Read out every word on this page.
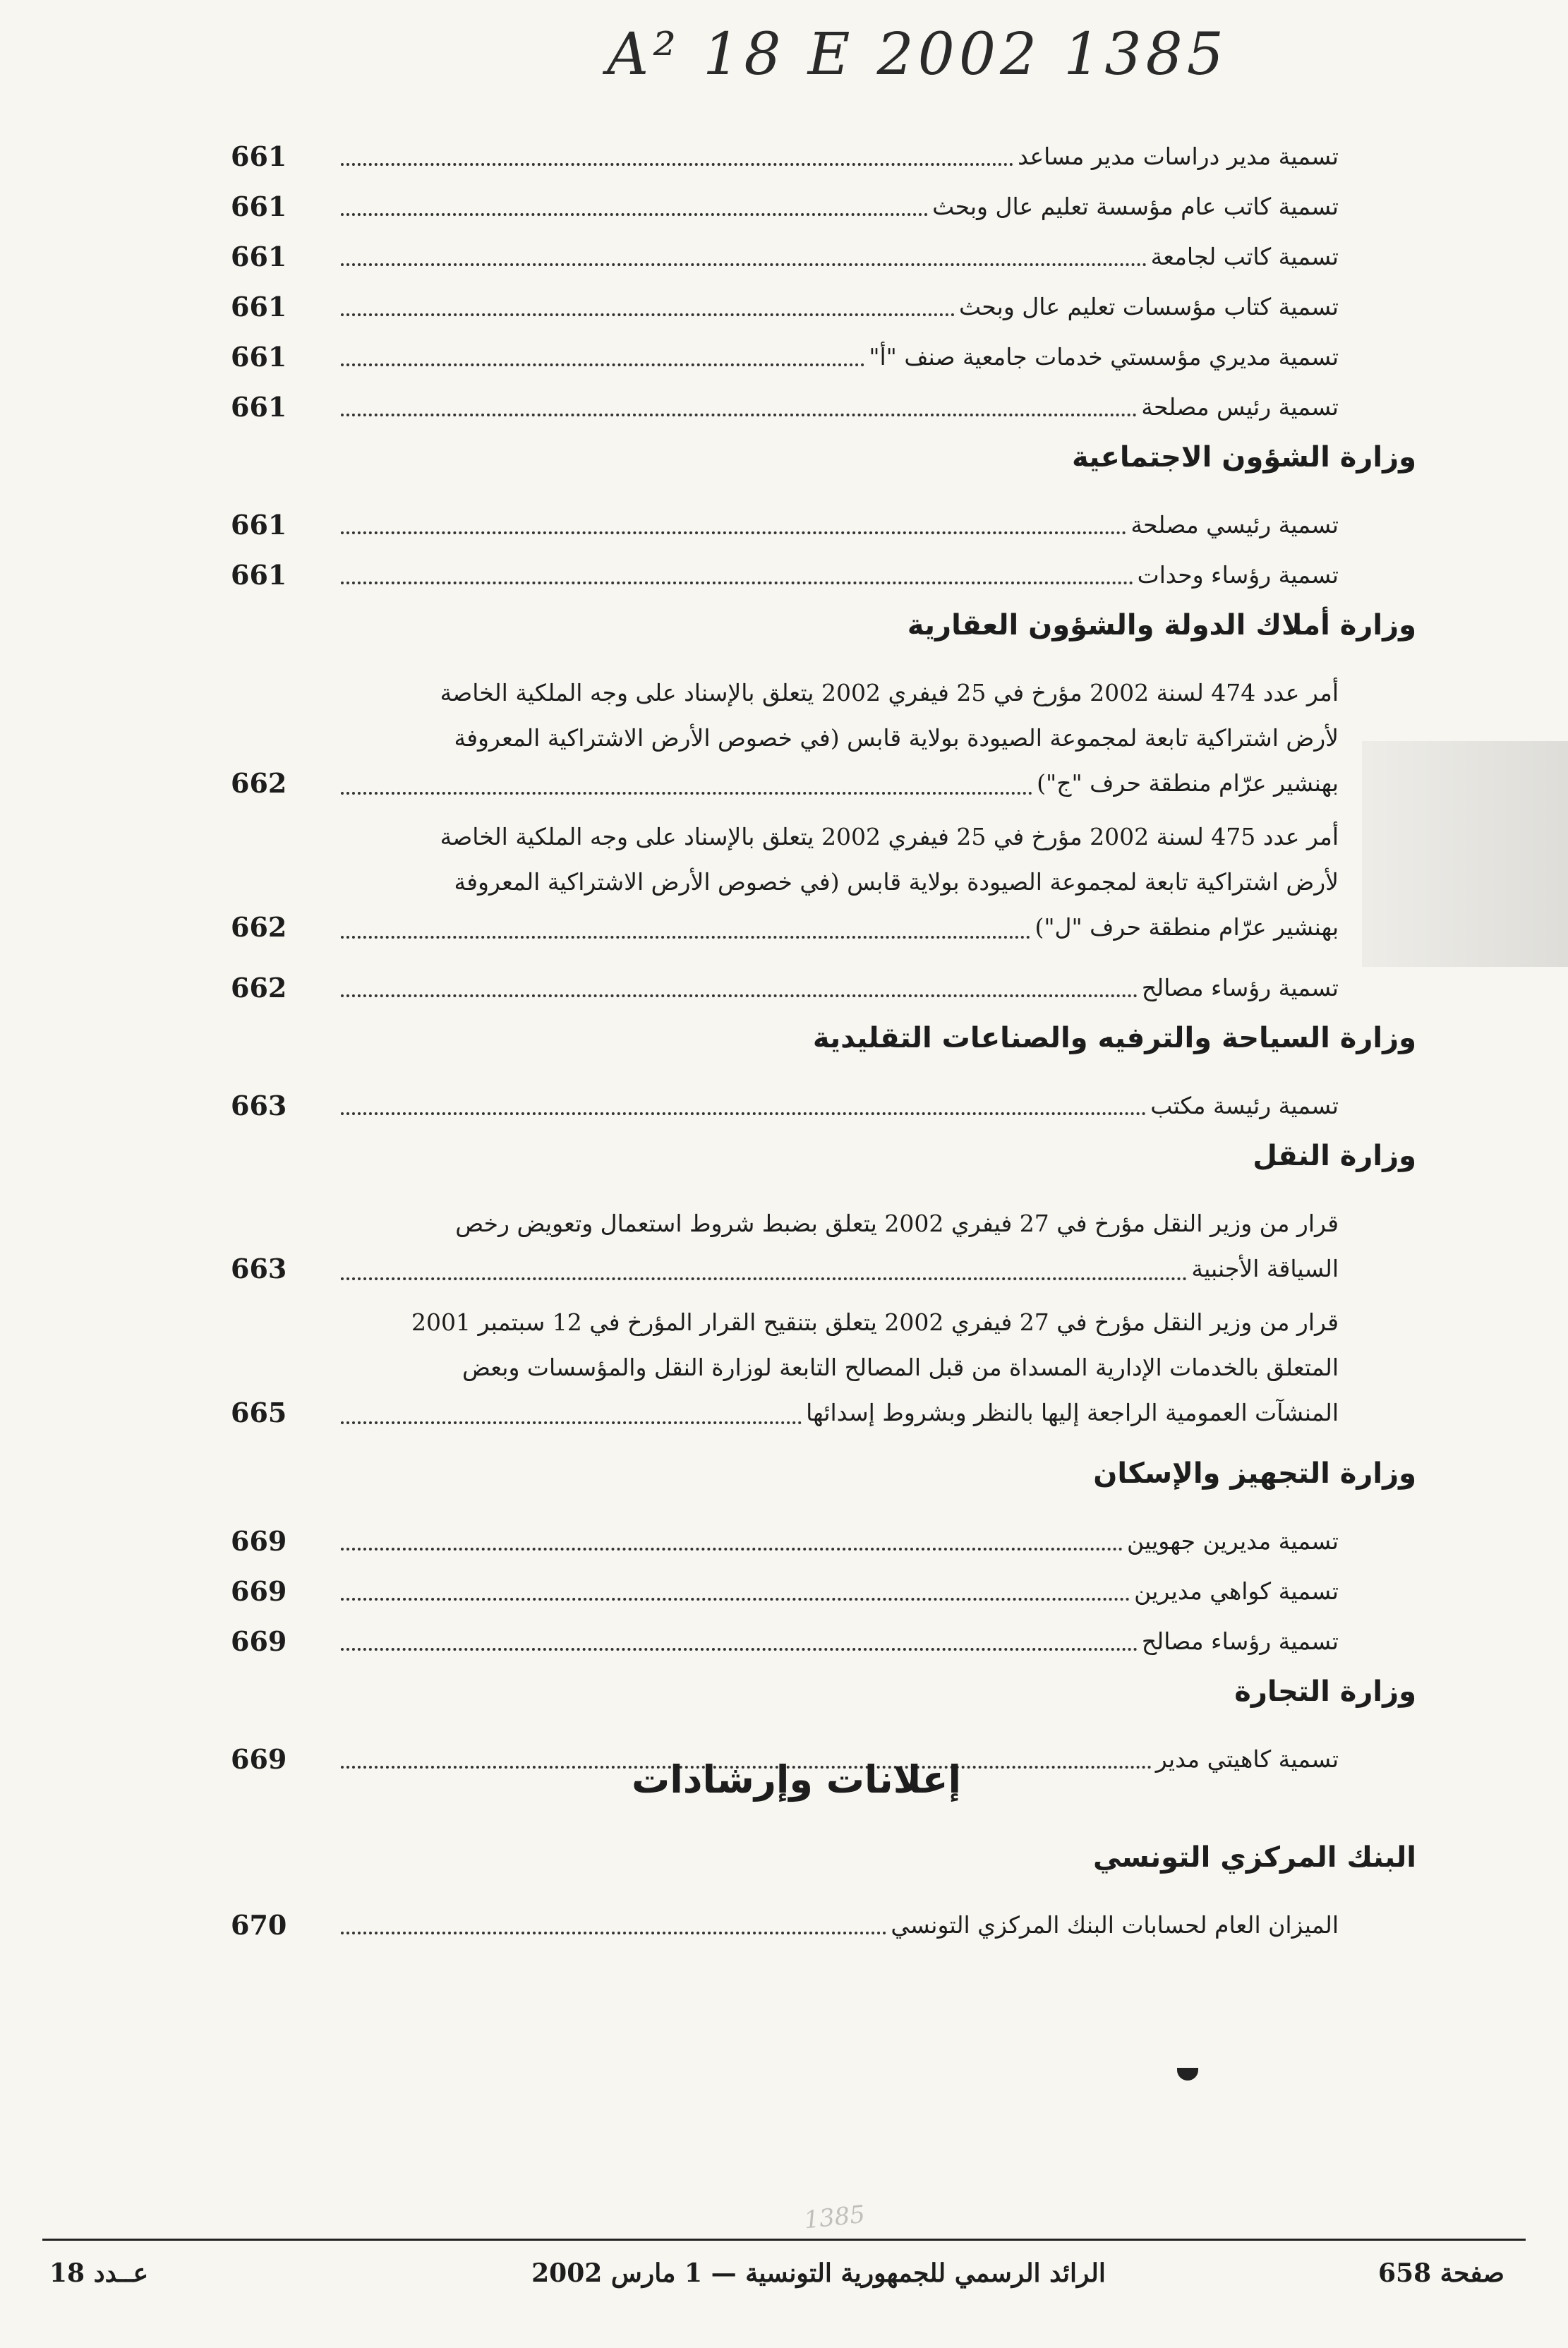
A² 18 E 2002 1385
تسمية مدير دراسات مدير مساعد
661
تسمية كاتب عام مؤسسة تعليم عال وبحث
661
تسمية كاتب لجامعة
661
تسمية كتاب مؤسسات تعليم عال وبحث
661
تسمية مديري مؤسستي خدمات جامعية صنف "أ"
661
تسمية رئيس مصلحة
661
وزارة الشؤون الاجتماعية
تسمية رئيسي مصلحة
661
تسمية رؤساء وحدات
661
وزارة أملاك الدولة والشؤون العقارية
أمر عدد 474 لسنة 2002 مؤرخ في 25 فيفري 2002 يتعلق بالإسناد على وجه الملكية الخاصة
لأرض اشتراكية تابعة لمجموعة الصيودة بولاية قابس (في خصوص الأرض الاشتراكية المعروفة
بهنشير عرّام منطقة حرف "ج")
662
أمر عدد 475 لسنة 2002 مؤرخ في 25 فيفري 2002 يتعلق بالإسناد على وجه الملكية الخاصة
لأرض اشتراكية تابعة لمجموعة الصيودة بولاية قابس (في خصوص الأرض الاشتراكية المعروفة
بهنشير عرّام منطقة حرف "ل")
662
تسمية رؤساء مصالح
662
وزارة السياحة والترفيه والصناعات التقليدية
تسمية رئيسة مكتب
663
وزارة النقل
قرار من وزير النقل مؤرخ في 27 فيفري 2002 يتعلق بضبط شروط استعمال وتعويض رخص
السياقة الأجنبية
663
قرار من وزير النقل مؤرخ في 27 فيفري 2002 يتعلق بتنقيح القرار المؤرخ في 12 سبتمبر 2001
المتعلق بالخدمات الإدارية المسداة من قبل المصالح التابعة لوزارة النقل والمؤسسات وبعض
المنشآت العمومية الراجعة إليها بالنظر وبشروط إسدائها
665
وزارة التجهيز والإسكان
تسمية مديرين جهويين
669
تسمية كواهي مديرين
669
تسمية رؤساء مصالح
669
وزارة التجارة
تسمية كاهيتي مدير
669	إعلانات وإرشادات
البنك المركزي التونسي
الميزان العام لحسابات البنك المركزي التونسي
670
1385
صفحة 658
الرائد الرسمي للجمهورية التونسية — 1 مارس 2002
عــدد 18
